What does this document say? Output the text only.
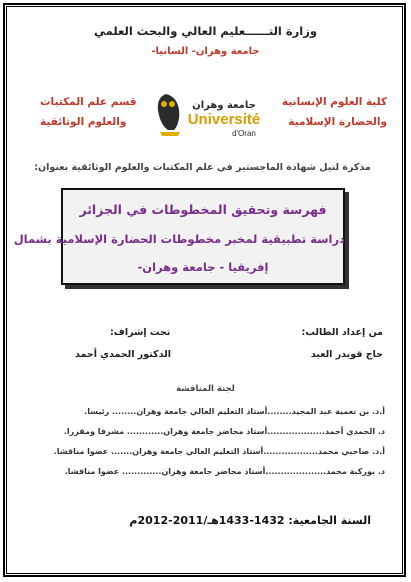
وزارة التــــــعليم العالي والبحث العلمي
جامعة وهران- السانيا-
كلية العلوم الإنسانية
والحضارة الإسلامية
قسم علم المكتبات
والعلوم الوثائقية
جامعة وهران
Université
d'Oran
مذكرة لنيل شهادة الماجستير في علم المكتبات والعلوم الوثائقية بعنوان:
فهرسة وتحقيق المخطوطات في الجزائر
دراسة تطبيقية لمخبر مخطوطات الحضارة الإسلامية بشمال
إفريقيا - جامعة وهران-
من إعداد الطالب:
حاج قويدر العيد
تحت إشراف:
الدكتور الحمدي أحمد
لجنة المناقشة
أ.د. بن نعمية عبد المجيد........أستاذ التعليم العالي جامعة وهران........ رئيسا.
د. الحمدي أحمد...................أستاذ محاضر جامعة وهران............ مشرفا ومقررا.
أ.د. صاحبي محمد..................أستاذ التعليم العالي جامعة وهران....... عضوا مناقشا.
د. بوركبة محمد....................أستاذ محاضر جامعة وهران............. عضوا مناقشا.
السنة الجامعية: 1432-1433هـ/2011-2012م
